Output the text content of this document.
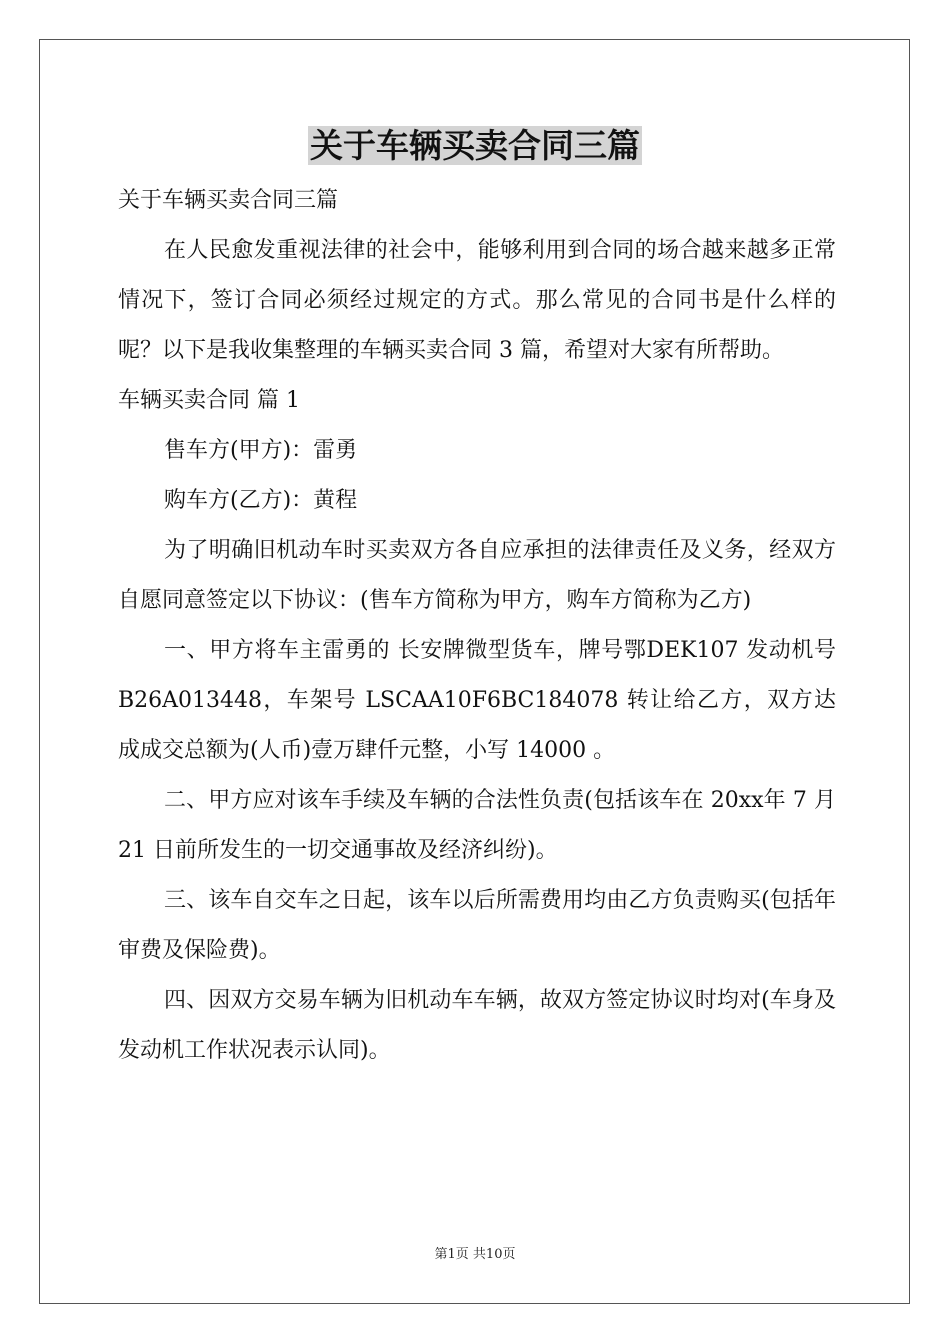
关于车辆买卖合同三篇

关于车辆买卖合同三篇

在人民愈发重视法律的社会中，能够利用到合同的场合越来越多正常情况下，签订合同必须经过规定的方式。那么常见的合同书是什么样的呢？以下是我收集整理的车辆买卖合同 3 篇，希望对大家有所帮助。

车辆买卖合同 篇 1

售车方(甲方)：雷勇

购车方(乙方)：黄程

为了明确旧机动车时买卖双方各自应承担的法律责任及义务，经双方自愿同意签定以下协议：(售车方简称为甲方，购车方简称为乙方)

一、甲方将车主雷勇的 长安牌微型货车，牌号鄂DEK107 发动机号 B26A013448，车架号 LSCAA10F6BC184078 转让给乙方，双方达成成交总额为(人币)壹万肆仟元整，小写 14000 。

二、甲方应对该车手续及车辆的合法性负责(包括该车在 20xx年 7 月 21 日前所发生的一切交通事故及经济纠纷)。

三、该车自交车之日起，该车以后所需费用均由乙方负责购买(包括年审费及保险费)。

四、因双方交易车辆为旧机动车车辆，故双方签定协议时均对(车身及发动机工作状况表示认同)。

第1页 共10页
